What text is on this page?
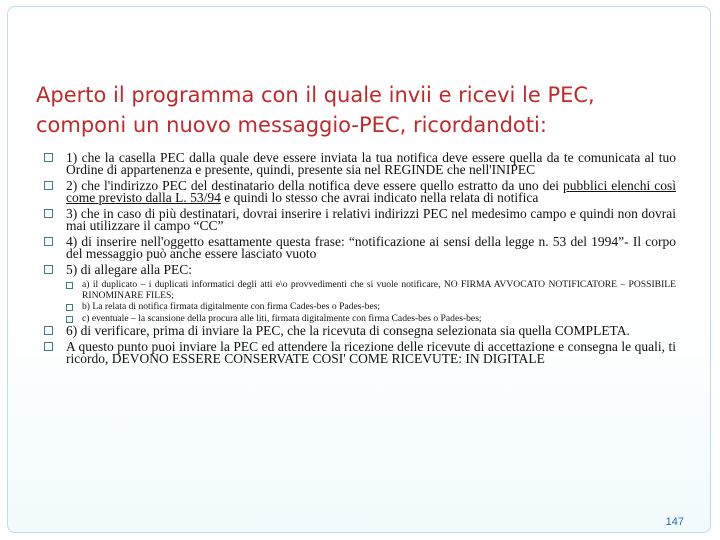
Aperto il programma con il quale invii e ricevi le PEC,
componi un nuovo messaggio-PEC, ricordandoti:

1) che la casella PEC dalla quale deve essere inviata la tua notifica deve essere quella da te comunicata al tuo Ordine di appartenenza e presente, quindi, presente sia nel REGINDE che nell'INIPEC

2) che l'indirizzo PEC del destinatario della notifica deve essere quello estratto da uno dei pubblici elenchi così come previsto dalla L. 53/94 e quindi lo stesso che avrai indicato nella relata di notifica

3) che in caso di più destinatari, dovrai inserire i relativi indirizzi PEC nel medesimo campo e quindi non dovrai mai utilizzare il campo “CC”

4) di inserire nell'oggetto esattamente questa frase: “notificazione ai sensi della legge n. 53 del 1994”- Il corpo del messaggio può anche essere lasciato vuoto

5) di allegare alla PEC:

a) il duplicato – i duplicati informatici degli atti e\o provvedimenti che si vuole notificare, NO FIRMA AVVOCATO NOTIFICATORE – POSSIBILE RINOMINARE FILES;

b) La relata di notifica firmata digitalmente con firma Cades-bes o Pades-bes;

c) eventuale – la scansione della procura alle liti, firmata digitalmente con firma Cades-bes o Pades-bes;

6) di verificare, prima di inviare la PEC, che la ricevuta di consegna selezionata sia quella COMPLETA.

A questo punto puoi inviare la PEC ed attendere la ricezione delle ricevute di accettazione e consegna le quali, ti ricordo, DEVONO ESSERE CONSERVATE COSI' COME RICEVUTE: IN DIGITALE

147
